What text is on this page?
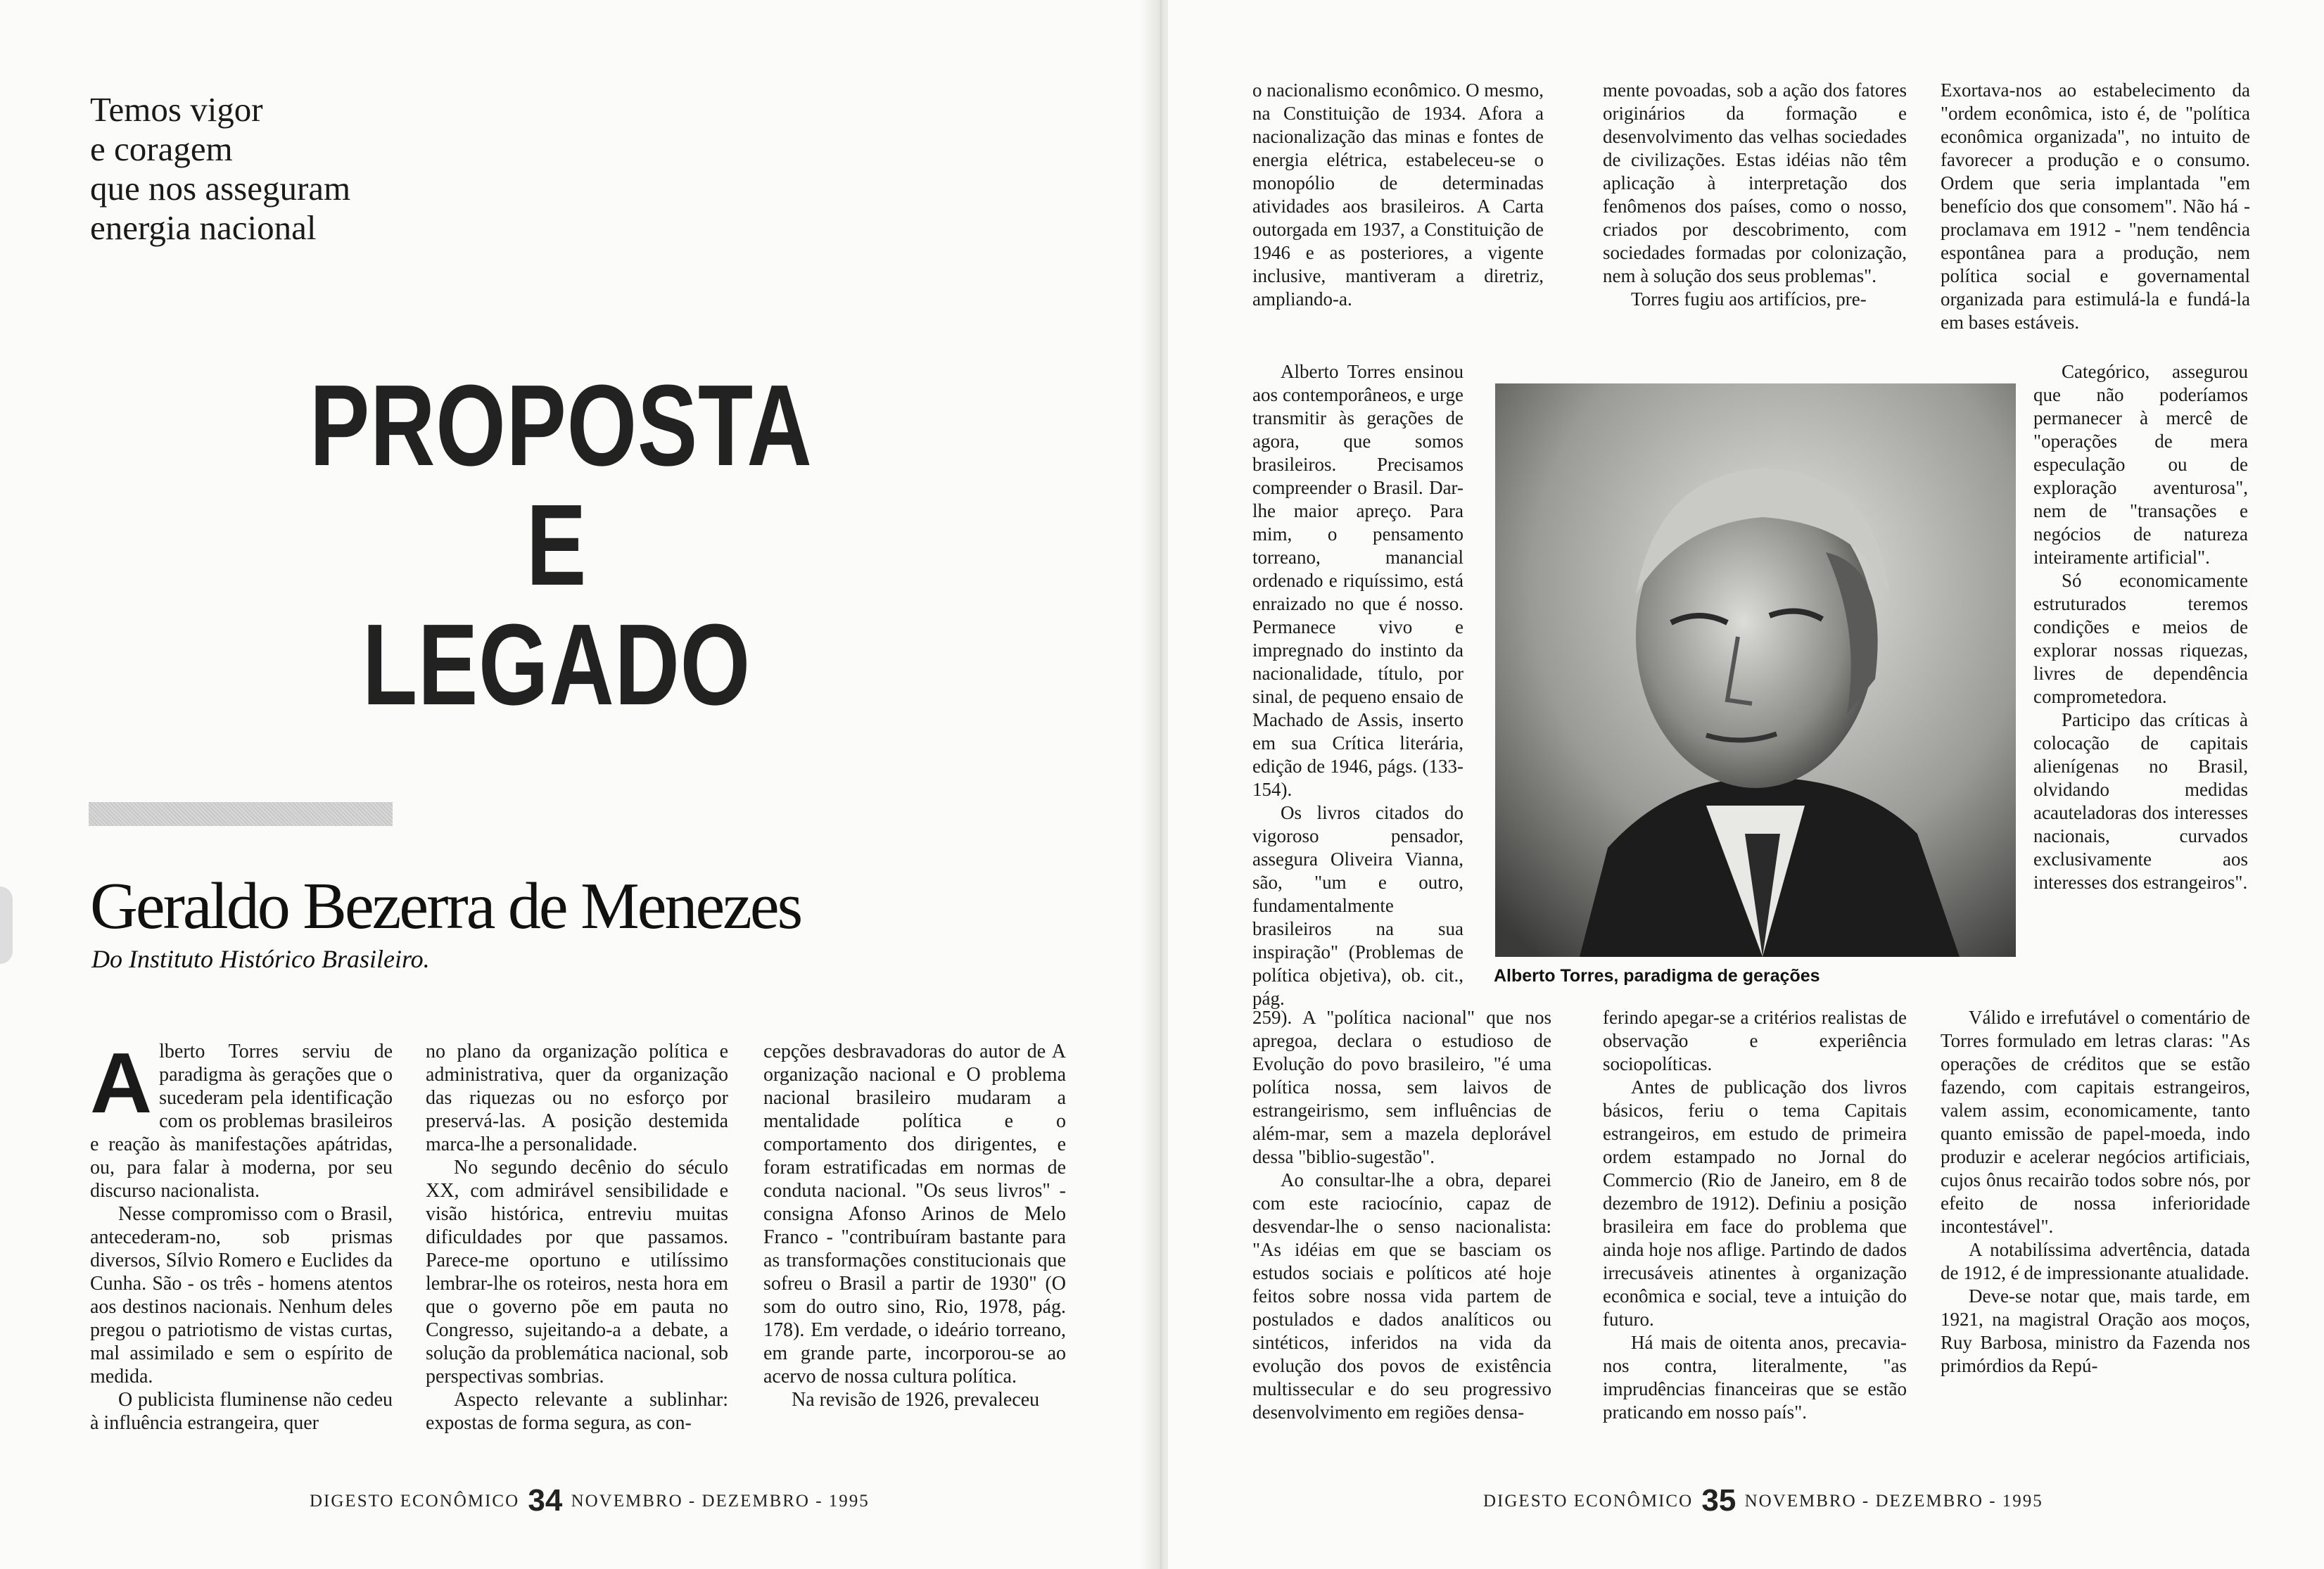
Temos vigor
e coragem
que nos asseguram
energia nacional
PROPOSTA E
LEGADO
Geraldo Bezerra de Menezes
Do Instituto Histórico Brasileiro.

Alberto Torres serviu de paradigma às gerações que o sucederam pela identificação com os problemas brasileiros e reação às manifestações apátridas, ou, para falar à moderna, por seu discurso nacionalista.

Nesse compromisso com o Brasil, antecederam-no, sob prismas diversos, Sílvio Romero e Euclides da Cunha. São - os três - homens atentos aos destinos nacionais. Nenhum deles pregou o patriotismo de vistas curtas, mal assimilado e sem o espírito de medida.

O publicista fluminense não cedeu à influência estrangeira, quer

no plano da organização política e administrativa, quer da organização das riquezas ou no esforço por preservá-las. A posição destemida marca-lhe a personalidade.

No segundo decênio do século XX, com admirável sensibilidade e visão histórica, entreviu muitas dificuldades por que passamos. Parece-me oportuno e utilíssimo lembrar-lhe os roteiros, nesta hora em que o governo põe em pauta no Congresso, sujeitando-a a debate, a solução da problemática nacional, sob perspectivas sombrias.

Aspecto relevante a sublinhar: expostas de forma segura, as con-

cepções desbravadoras do autor de A organização nacional e O problema nacional brasileiro mudaram a mentalidade política e o comportamento dos dirigentes, e foram estratificadas em normas de conduta nacional. "Os seus livros" - consigna Afonso Arinos de Melo Franco - "contribuíram bastante para as transformações constitucionais que sofreu o Brasil a partir de 1930" (O som do outro sino, Rio, 1978, pág. 178). Em verdade, o ideário torreano, em grande parte, incorporou-se ao acervo de nossa cultura política.

Na revisão de 1926, prevaleceu

DIGESTO ECONÔMICO 34 NOVEMBRO - DEZEMBRO - 1995

o nacionalismo econômico. O mesmo, na Constituição de 1934. Afora a nacionalização das minas e fontes de energia elétrica, estabeleceu-se o monopólio de determinadas atividades aos brasileiros. A Carta outorgada em 1937, a Constituição de 1946 e as posteriores, a vigente inclusive, mantiveram a diretriz, ampliando-a.

Alberto Torres ensinou aos contemporâneos, e urge transmitir às gerações de agora, que somos brasileiros. Precisamos compreender o Brasil. Dar-lhe maior apreço. Para mim, o pensamento torreano, manancial ordenado e riquíssimo, está enraizado no que é nosso. Permanece vivo e impregnado do instinto da nacionalidade, título, por sinal, de pequeno ensaio de Machado de Assis, inserto em sua Crítica literária, edição de 1946, págs. (133-154).

Os livros citados do vigoroso pensador, assegura Oliveira Vianna, são, "um e outro, fundamentalmente brasileiros na sua inspiração" (Problemas de política objetiva), ob. cit., pág.

259). A "política nacional" que nos apregoa, declara o estudioso de Evolução do povo brasileiro, "é uma política nossa, sem laivos de estrangeirismo, sem influências de além-mar, sem a mazela deplorável dessa "biblio-sugestão".

Ao consultar-lhe a obra, deparei com este raciocínio, capaz de desvendar-lhe o senso nacionalista: "As idéias em que se basciam os estudos sociais e políticos até hoje feitos sobre nossa vida partem de postulados e dados analíticos ou sintéticos, inferidos na vida da evolução dos povos de existência multissecular e do seu progressivo desenvolvimento em regiões densa-

mente povoadas, sob a ação dos fatores originários da formação e desenvolvimento das velhas sociedades de civilizações. Estas idéias não têm aplicação à interpretação dos fenômenos dos países, como o nosso, criados por descobrimento, com sociedades formadas por colonização, nem à solução dos seus problemas".

Torres fugiu aos artifícios, pre-

ferindo apegar-se a critérios realistas de observação e experiência sociopolíticas.

Antes de publicação dos livros básicos, feriu o tema Capitais estrangeiros, em estudo de primeira ordem estampado no Jornal do Commercio (Rio de Janeiro, em 8 de dezembro de 1912). Definiu a posição brasileira em face do problema que ainda hoje nos aflige. Partindo de dados irrecusáveis atinentes à organização econômica e social, teve a intuição do futuro.

Há mais de oitenta anos, precavia-nos contra, literalmente, "as imprudências financeiras que se estão praticando em nosso país".

Exortava-nos ao estabelecimento da "ordem econômica, isto é, de "política econômica organizada", no intuito de favorecer a produção e o consumo. Ordem que seria implantada "em benefício dos que consomem". Não há - proclamava em 1912 - "nem tendência espontânea para a produção, nem política social e governamental organizada para estimulá-la e fundá-la em bases estáveis.

Categórico, assegurou que não poderíamos permanecer à mercê de "operações de mera especulação ou de exploração aventurosa", nem de "transações e negócios de natureza inteiramente artificial".

Só economicamente estruturados teremos condições e meios de explorar nossas riquezas, livres de dependência comprometedora.

Participo das críticas à colocação de capitais alienígenas no Brasil, olvidando medidas acauteladoras dos interesses nacionais, curvados exclusivamente aos interesses dos estrangeiros".

Válido e irrefutável o comentário de Torres formulado em letras claras: "As operações de créditos que se estão fazendo, com capitais estrangeiros, valem assim, economicamente, tanto quanto emissão de papel-moeda, indo produzir e acelerar negócios artificiais, cujos ônus recairão todos sobre nós, por efeito de nossa inferioridade incontestável".

A notabilíssima advertência, datada de 1912, é de impressionante atualidade.

Deve-se notar que, mais tarde, em 1921, na magistral Oração aos moços, Ruy Barbosa, ministro da Fazenda nos primórdios da Repú-

Alberto Torres, paradigma de gerações
DIGESTO ECONÔMICO 35 NOVEMBRO - DEZEMBRO - 1995
